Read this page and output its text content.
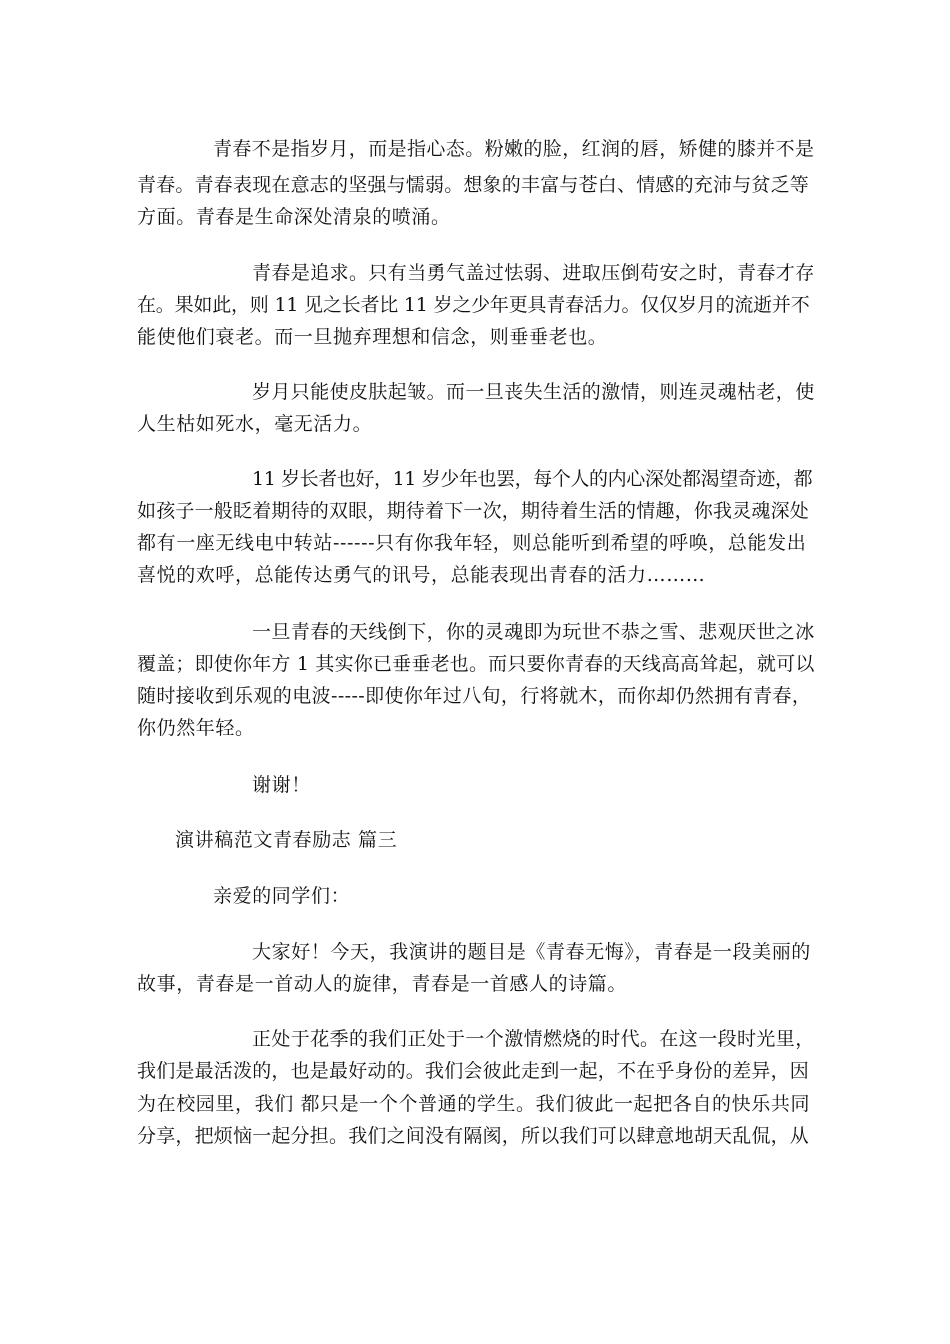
青春不是指岁月，而是指心态。粉嫩的脸，红润的唇，矫健的膝并不是
青春。青春表现在意志的坚强与懦弱。想象的丰富与苍白、情感的充沛与贫乏等
方面。青春是生命深处清泉的喷涌。
青春是追求。只有当勇气盖过怯弱、进取压倒苟安之时，青春才存
在。果如此，则 11 见之长者比 11 岁之少年更具青春活力。仅仅岁月的流逝并不
能使他们衰老。而一旦抛弃理想和信念，则垂垂老也。
岁月只能使皮肤起皱。而一旦丧失生活的激情，则连灵魂枯老，使
人生枯如死水，毫无活力。
11 岁长者也好，11 岁少年也罢，每个人的内心深处都渴望奇迹，都
如孩子一般眨着期待的双眼，期待着下一次，期待着生活的情趣，你我灵魂深处
都有一座无线电中转站------只有你我年轻，则总能听到希望的呼唤，总能发出
喜悦的欢呼，总能传达勇气的讯号，总能表现出青春的活力………
一旦青春的天线倒下，你的灵魂即为玩世不恭之雪、悲观厌世之冰
覆盖；即使你年方 1 其实你已垂垂老也。而只要你青春的天线高高耸起，就可以
随时接收到乐观的电波-----即使你年过八旬，行将就木，而你却仍然拥有青春，
你仍然年轻。
谢谢！
演讲稿范文青春励志 篇三
亲爱的同学们：
大家好！今天，我演讲的题目是《青春无悔》，青春是一段美丽的
故事，青春是一首动人的旋律，青春是一首感人的诗篇。
正处于花季的我们正处于一个激情燃烧的时代。在这一段时光里，
我们是最活泼的，也是最好动的。我们会彼此走到一起，不在乎身份的差异，因
为在校园里，我们 都只是一个个普通的学生。我们彼此一起把各自的快乐共同
分享，把烦恼一起分担。我们之间没有隔阂，所以我们可以肆意地胡天乱侃，从
